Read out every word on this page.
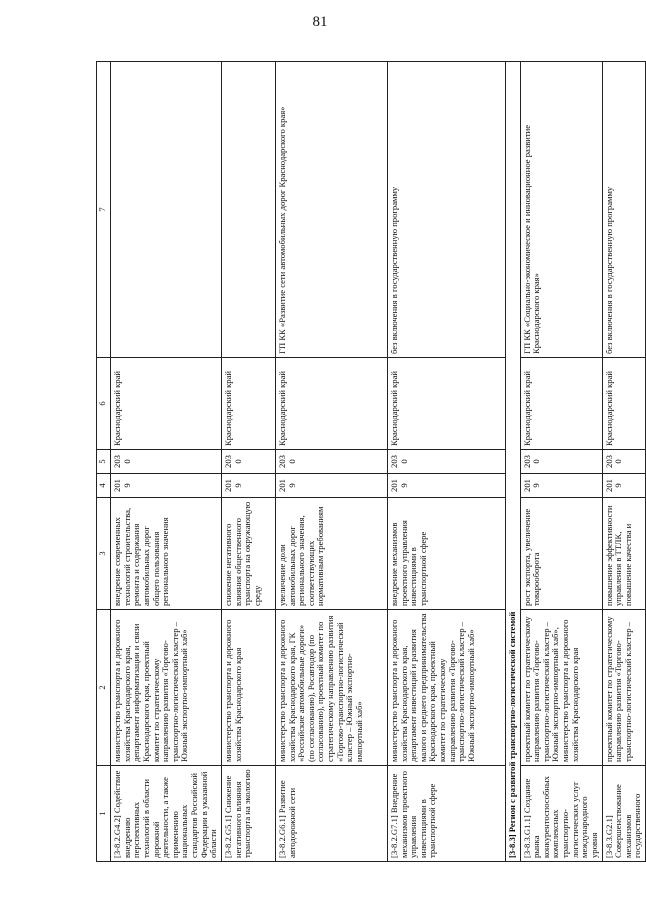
81
1	2	3	4	5	6	7
[3-8.2.G4.2] Содействие внедрению перспективных технологий в области дорожной деятельности, а также применению национальных стандартов Российской Федерации в указанной области	министерство транспорта и дорожного хозяйства Краснодарского края, департамент информатизации и связи Краснодарского края, проектный комитет по стратегическому направлению развития «Торгово-транспортно-логистический кластер – Южный экспортно-импортный хаб»	внедрение современных технологий строительства, ремонта и содержания автомобильных дорог общего пользования регионального значения	2019	2030	Краснодарский край	
[3-8.2.G5.1] Снижение негативного влияния транспорта на экологию	министерство транспорта и дорожного хозяйства Краснодарского края	снижение негативного влияния общественного транспорта на окружающую среду	2019	2030	Краснодарский край	
[3-8.2.G6.1] Развитие автодорожной сети	министерство транспорта и дорожного хозяйства Краснодарского края, ГК «Российские автомобильные дороги» (по согласованию), Росавтодор (по согласованию), проектный комитет по стратегическому направлению развития «Торгово-транспортно-логистический кластер – Южный экспортно-импортный хаб»	увеличение доли автомобильных дорог регионального значения, соответствующих нормативным требованиям	2019	2030	Краснодарский край	ГП КК «Развитие сети автомобильных дорог Краснодарского края»
[3-8.2.G7.1] Внедрение механизмов проектного управления инвестициями в транспортной сфере	министерство транспорта и дорожного хозяйства Краснодарского края, департамент инвестиций и развития малого и среднего предпринимательства Краснодарского края, проектный комитет по стратегическому направлению развития «Торгово-транспортно-логистический кластер – Южный экспортно-импортный хаб»	внедрение механизмов проектного управления инвестициями в транспортной сфере	2019	2030	Краснодарский край	без включения в государственную программу
[3-8.3] Регион с развитой транспортно-логистической системой						
[3-8.3.G1.1] Создание рынка конкурентоспособных комплексных транспортно-логистических услуг международного уровня	проектный комитет по стратегическому направлению развития «Торгово-транспортно-логистический кластер – Южный экспортно-импортный хаб», министерство транспорта и дорожного хозяйства Краснодарского края	рост экспорта, увеличение товарооборота	2019	2030	Краснодарский край	ГП КК «Социально-экономическое и инновационное развитие Краснодарского края»
[3-8.3.G2.1] Совершенствование механизмов государственного	проектный комитет по стратегическому направлению развития «Торгово-транспортно-логистический кластер –	повышение эффективности управления в ТТЛК, повышение качества и	2019	2030	Краснодарский край	без включения в государственную программу
